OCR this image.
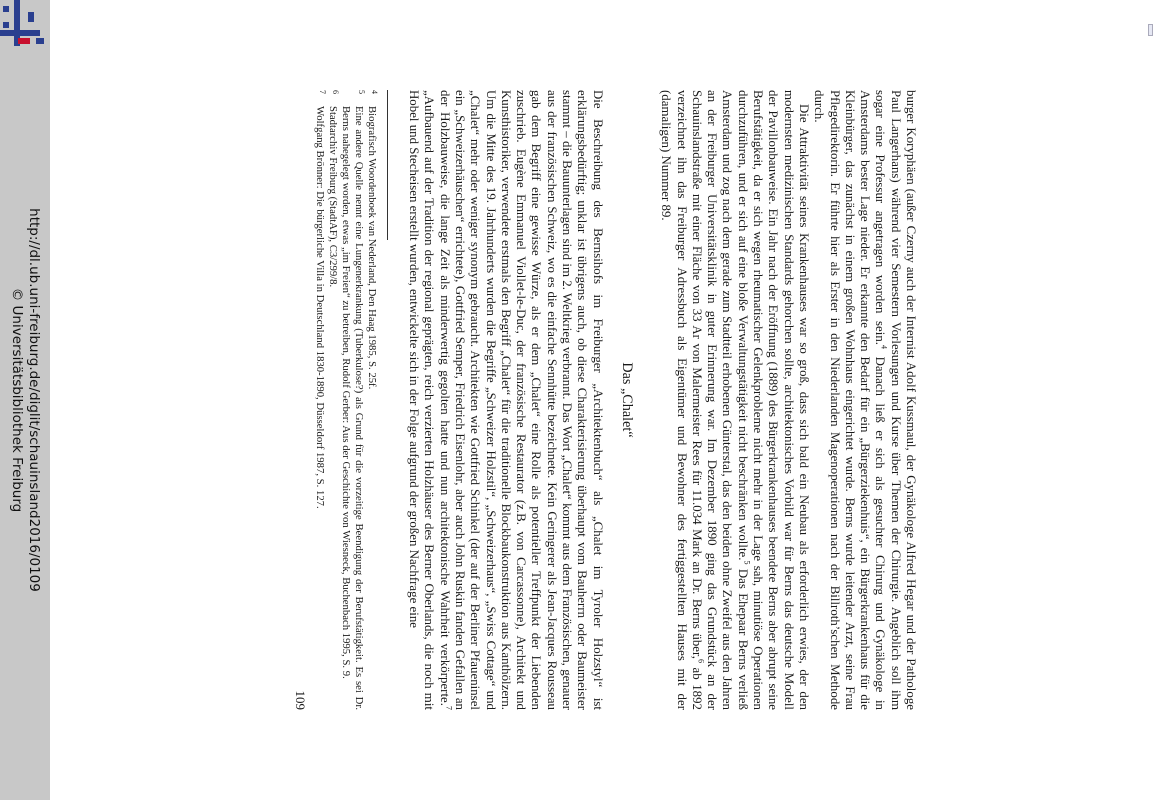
http://dl.ub.uni-freiburg.de/diglit/schauinsland2016/0109
© Universitätsbibliothek Freiburg	burger Koryphäen (außer Czerny auch der Internist Adolf Kussmaul, der Gynäkologe Alfred Hegar und der Pathologe Paul Langerhans) während vier Semestern Vorlesungen und Kurse über Themen der Chirurgie. Angeblich soll ihm sogar eine Professur angetragen worden sein.$^4$ Danach ließ er sich als gesuchter Chirurg und Gynäkologe in Amsterdams bester Lage nieder. Er erkannte den Bedarf für ein „Bürgerziekenhuis“, ein Bürgerkrankenhaus für die Kleinbürger, das zunächst in einem großen Wohnhaus eingerichtet wurde. Berns wurde leitender Arzt, seine Frau Pflegedirektorin. Er führte hier als Erster in den Niederlanden Magenoperationen nach der Billroth’schen Methode durch.

Die Attraktivität seines Krankenhauses war so groß, dass sich bald ein Neubau als erforderlich erwies, der den modernsten medizinischen Standards gehorchen sollte, architektonisches Vorbild war für Berns das deutsche Modell der Pavillonbauweise. Ein Jahr nach der Eröffnung (1889) des Bürgerkrankenhauses beendete Berns aber abrupt seine Berufstätigkeit, da er sich wegen rheumatischer Gelenkprobleme nicht mehr in der Lage sah, minutiöse Operationen durchzuführen, und er sich auf eine bloße Verwaltungstätigkeit nicht beschränken wollte.$^5$ Das Ehepaar Berns verließ Amsterdam und zog nach dem gerade zum Stadtteil erhobenen Günterstal, das den beiden ohne Zweifel aus den Jahren an der Freiburger Universitätsklinik in guter Erinnerung war. Im Dezember 1890 ging das Grundstück an der Schauinslandstraße mit einer Fläche von 33 Ar von Malermeister Rees für 11.034 Mark an Dr. Berns über,$^6$ ab 1892 verzeichnet ihn das Freiburger Adressbuch als Eigentümer und Bewohner des fertiggestellten Hauses mit der (damaligen) Nummer 89.

Das „Chalet“

Die Beschreibung des Bernsihofs im Freiburger „Architektenbuch“ als „Chalet im Tyroler Holzstyl“ ist erklärungsbedürftig; unklar ist übrigens auch, ob diese Charakterisierung überhaupt vom Bauherrn oder Baumeister stammt – die Bauunterlagen sind im 2. Weltkrieg verbrannt. Das Wort „Chalet“ kommt aus dem Französischen, genauer aus der französischen Schweiz, wo es die einfache Sennhütte bezeichnete. Kein Geringerer als Jean-Jacques Rousseau gab dem Begriff eine gewisse Würze, als er dem „Chalet“ eine Rolle als potentieller Treffpunkt der Liebenden zuschrieb. Eugène Emmanuel Viollet-le-Duc, der französische Restaurator (z.B. von Carcassonne), Architekt und Kunsthistoriker, verwendete erstmals den Begriff „Chalet“ für die traditionelle Blockbaukonstruktion aus Kanthölzern. Um die Mitte des 19. Jahrhunderts wurden die Begriffe „Schweizer Holzstil“, „Schweizerhaus“, „Swiss Cottage“ und „Chalet“ mehr oder weniger synonym gebraucht. Architekten wie Gottfried Schinkel (der auf der Berliner Pfaueninsel ein „Schweizerhäuschen“ errichtete), Gottfried Semper, Friedrich Eisenlohr, aber auch John Ruskin fanden Gefallen an der Holzbauweise, die lange Zeit als minderwertig gegolten hatte und nun architektonische Wahrheit verkörperte.$^7$ „Aufbauend auf der Tradition der regional geprägten, reich verzierten Holzhäuser des Berner Oberlands, die noch mit Hobel und Stecheisen erstellt wurden, entwickelte sich in der Folge aufgrund der großen Nachfrage eine

4
Biografisch Woordenboek van Nederland, Den Haag 1985, S. 25f.
5
Eine andere Quelle nennt eine Lungenerkrankung (Tuberkulose?) als Grund für die vorzeitige Beendigung der Berufstätigkeit. Es sei Dr. Berns nahegelegt worden, etwas „im Freien“ zu betreiben, Rudolf Gerber: Aus der Geschichte von Wiesneck, Buchenbach 1995, S. 9.
6
Stadtarchiv Freiburg (StadtAF), C3/299/8.
7
Wolfgang Brönner: Die bürgerliche Villa in Deutschland 1830-1890, Düsseldorf 1987, S. 127.
109
